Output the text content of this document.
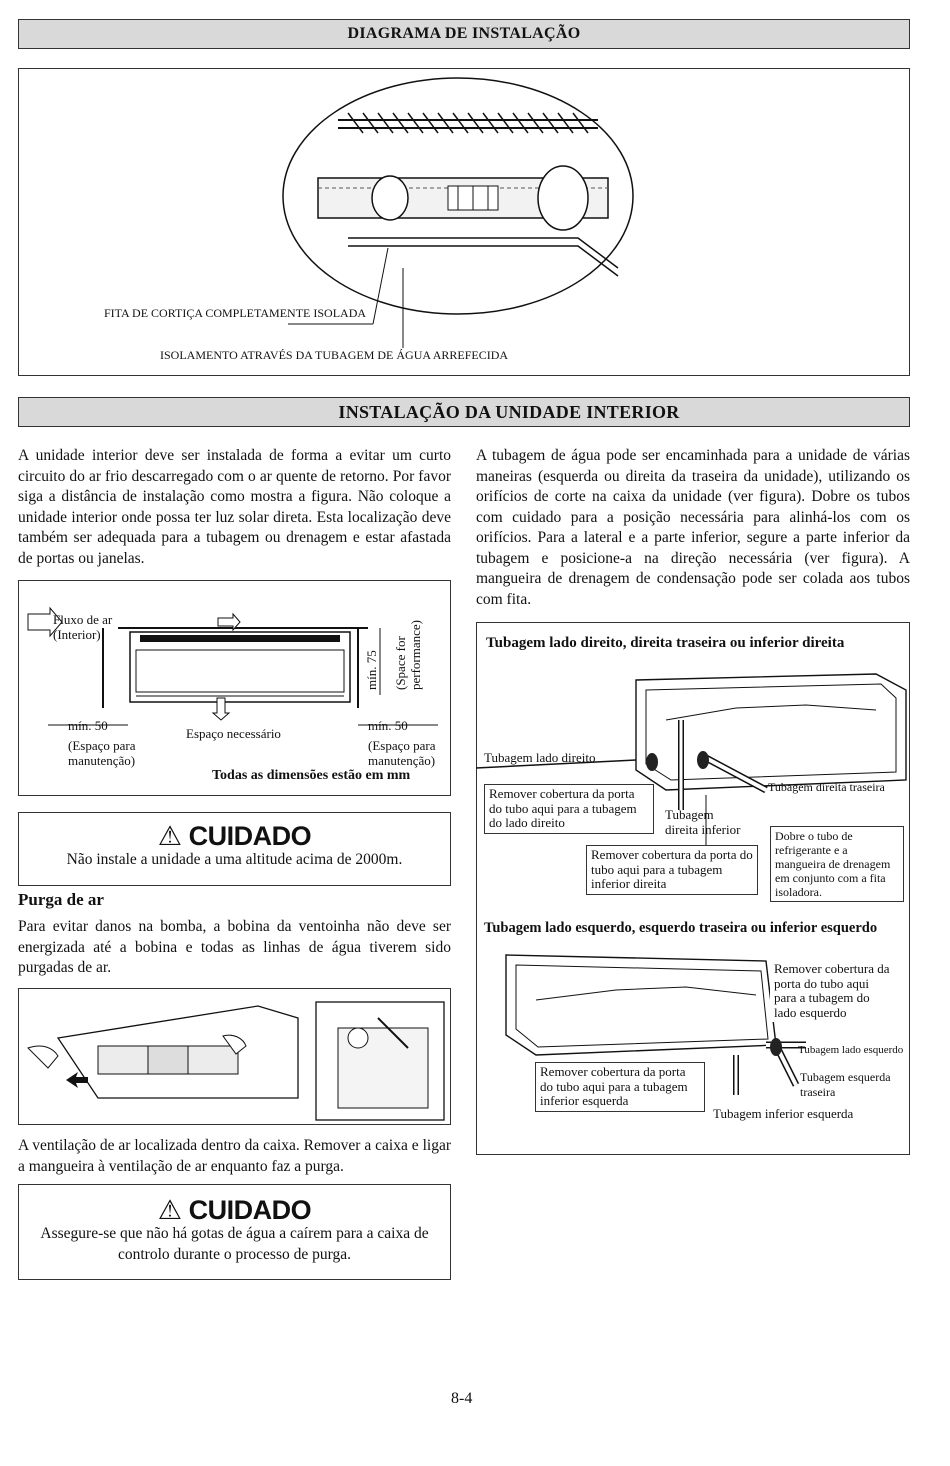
DIAGRAMA DE INSTALAÇÃO
FITA DE CORTIÇA COMPLETAMENTE ISOLADA
ISOLAMENTO ATRAVÉS DA TUBAGEM DE ÁGUA ARREFECIDA
INSTALAÇÃO DA UNIDADE INTERIOR
A unidade interior deve ser instalada de forma a evitar um curto circuito do ar frio descarregado com o ar quente de retorno. Por favor siga a distância de instalação como mostra a figura. Não coloque a unidade interior onde possa ter luz solar direta. Esta localização deve também ser adequada para a tubagem ou drenagem e estar afastada de portas ou janelas.
Fluxo de ar
(Interior)
mín. 75 (Space for
performance)
mín. 50
(Espaço para
manutenção)
Espaço necessário
mín. 50
(Espaço para
manutenção)
Todas as dimensões estão em mm
⚠ CUIDADO
Não instale a unidade a uma altitude acima de 2000m.
Purga de ar
Para evitar danos na bomba, a bobina da ventoinha não deve ser energizada até a bobina e todas as linhas de água tiverem sido purgadas de ar.
A ventilação de ar localizada dentro da caixa. Remover a caixa e ligar a mangueira à ventilação de ar enquanto faz a purga.
⚠ CUIDADO
Assegure-se que não há gotas de água a caírem para a caixa de controlo durante o processo de purga.
A tubagem de água pode ser encaminhada para a unidade de várias maneiras (esquerda ou direita da traseira da unidade), utilizando os orifícios de corte na caixa da unidade (ver figura). Dobre os tubos com cuidado para a posição necessária para alinhá-los com os orifícios. Para a lateral e a parte inferior, segure a parte inferior da tubagem e posicione-a na direção necessária (ver figura). A mangueira de drenagem de condensação pode ser colada aos tubos com fita.
Tubagem lado direito, direita traseira ou inferior direita
Tubagem lado direito
Tubagem direita traseira
Remover cobertura da porta do tubo aqui para a tubagem do lado direito
Tubagem
direita inferior
Remover cobertura da porta do tubo aqui para a tubagem inferior direita
Dobre o tubo de refrigerante e a mangueira de drenagem em conjunto com a fita isoladora.
Tubagem lado esquerdo, esquerdo traseira ou inferior esquerdo
Remover cobertura da porta do tubo aqui para a tubagem do lado esquerdo
Tubagem lado esquerdo
Tubagem esquerda
traseira
Remover cobertura da porta do tubo aqui para a tubagem inferior esquerda
Tubagem inferior esquerda
8-4
